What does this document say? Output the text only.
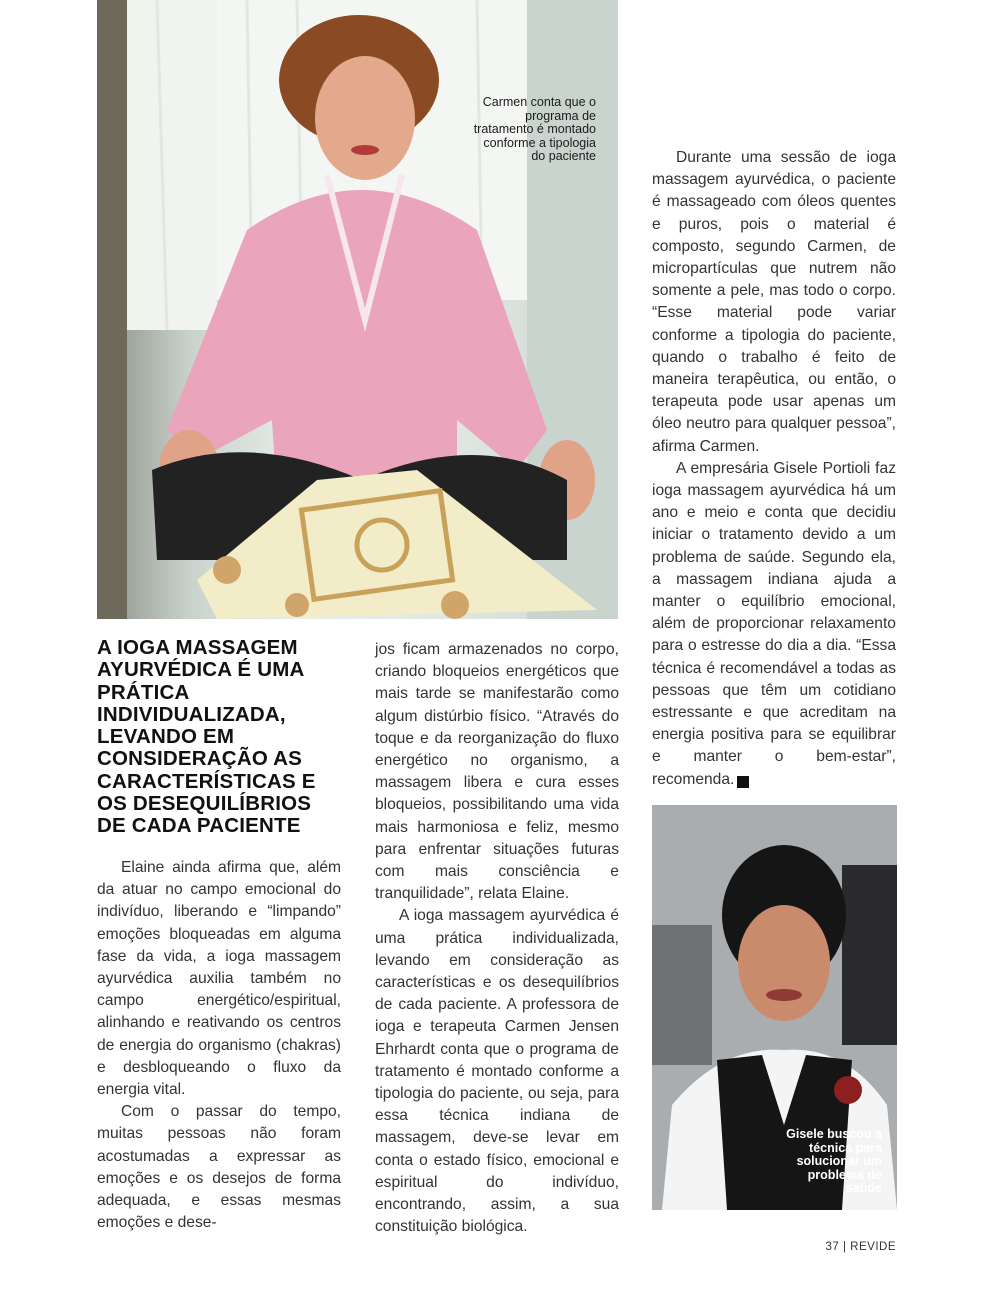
Carmen conta que o programa de tratamento é montado conforme a tipologia do paciente

A IOGA MASSAGEM AYURVÉDICA É UMA PRÁTICA INDIVIDUALIZADA, LEVANDO EM CONSIDERAÇÃO AS CARACTERÍSTICAS E OS DESEQUILÍBRIOS DE CADA PACIENTE

Elaine ainda afirma que, além da atuar no campo emocional do indivíduo, liberando e “limpando” emoções bloqueadas em alguma fase da vida, a ioga massagem ayurvédica auxilia também no campo energético/espiritual, alinhando e reativando os centros de energia do organismo (chakras) e desbloqueando o fluxo da energia vital.

Com o passar do tempo, muitas pessoas não foram acostumadas a expressar as emoções e os desejos de forma adequada, e essas mesmas emoções e dese-

jos ficam armazenados no corpo, criando bloqueios energéticos que mais tarde se manifestarão como algum distúrbio físico. “Através do toque e da reorganização do fluxo energético no organismo, a massagem libera e cura esses bloqueios, possibilitando uma vida mais harmoniosa e feliz, mesmo para enfrentar situações futuras com mais consciência e tranquilidade”, relata Elaine.

A ioga massagem ayurvédica é uma prática individualizada, levando em consideração as características e os desequilíbrios de cada paciente. A professora de ioga e terapeuta Carmen Jensen Ehrhardt conta que o programa de tratamento é montado conforme a tipologia do paciente, ou seja, para essa técnica indiana de massagem, deve-se levar em conta o estado físico, emocional e espiritual do indivíduo, encontrando, assim, a sua constituição biológica.

Durante uma sessão de ioga massagem ayurvédica, o paciente é massageado com óleos quentes e puros, pois o material é composto, segundo Carmen, de micropartículas que nutrem não somente a pele, mas todo o corpo. “Esse material pode variar conforme a tipologia do paciente, quando o trabalho é feito de maneira terapêutica, ou então, o terapeuta pode usar apenas um óleo neutro para qualquer pessoa”, afirma Carmen.

A empresária Gisele Portioli faz ioga massagem ayurvédica há um ano e meio e conta que decidiu iniciar o tratamento devido a um problema de saúde. Segundo ela, a massagem indiana ajuda a manter o equilíbrio emocional, além de proporcionar relaxamento para o estresse do dia a dia. “Essa técnica é recomendável a todas as pessoas que têm um cotidiano estressante e que acreditam na energia positiva para se equilibrar e manter o bem-estar”, recomenda.	r

Gisele buscou a técnica para solucionar um problema de saúde

37 | REVIDE
